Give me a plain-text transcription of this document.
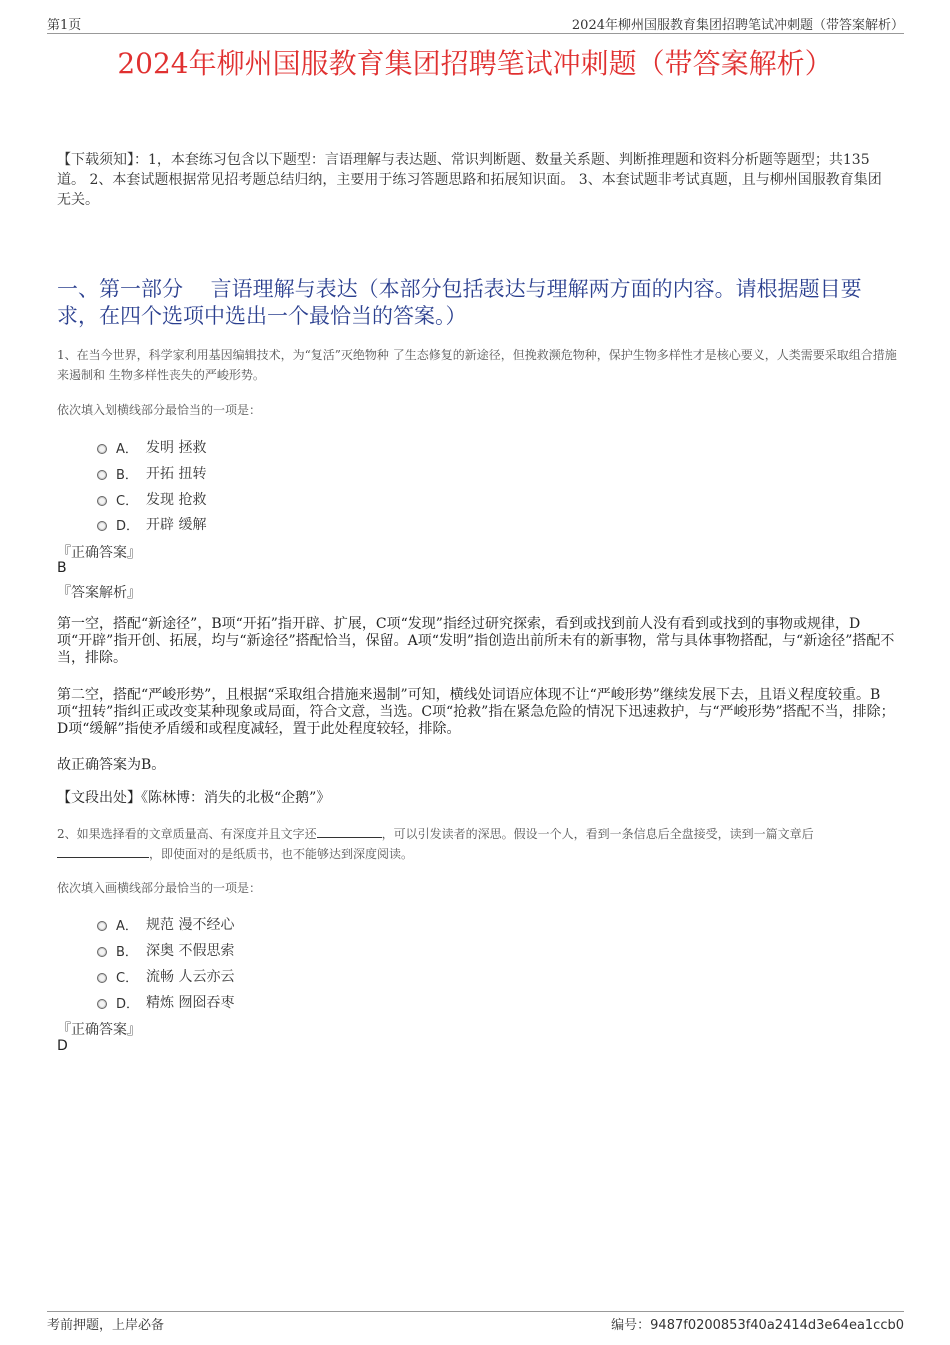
第1页	2024年柳州国服教育集团招聘笔试冲刺题（带答案解析）
2024年柳州国服教育集团招聘笔试冲刺题（带答案解析）
【下载须知】：1，本套练习包含以下题型：言语理解与表达题、常识判断题、数量关系题、判断推理题和资料分析题等题型；共135道。 2、本套试题根据常见招考题总结归纳，主要用于练习答题思路和拓展知识面。 3、本套试题非考试真题，且与柳州国服教育集团无关。
一、第一部分　 言语理解与表达（本部分包括表达与理解两方面的内容。请根据题目要求，在四个选项中选出一个最恰当的答案。）
1、在当今世界，科学家利用基因编辑技术，为“复活”灭绝物种 了生态修复的新途径，但挽救濒危物种，保护生物多样性才是核心要义，人类需要采取组合措施来遏制和 生物多样性丧失的严峻形势。
依次填入划横线部分最恰当的一项是：
A． 发明 拯救
B． 开拓 扭转
C． 发现 抢救
D． 开辟 缓解
『正确答案』
B
『答案解析』
第一空，搭配“新途径”，B项“开拓”指开辟、扩展，C项“发现”指经过研究探索，看到或找到前人没有看到或找到的事物或规律，D项“开辟”指开创、拓展，均与“新途径”搭配恰当，保留。A项“发明”指创造出前所未有的新事物，常与具体事物搭配，与“新途径”搭配不当，排除。
第二空，搭配“严峻形势”，且根据“采取组合措施来遏制”可知，横线处词语应体现不让“严峻形势”继续发展下去，且语义程度较重。B项“扭转”指纠正或改变某种现象或局面，符合文意，当选。C项“抢救”指在紧急危险的情况下迅速救护，与“严峻形势”搭配不当，排除；D项“缓解”指使矛盾缓和或程度减轻，置于此处程度较轻，排除。
故正确答案为B。
【文段出处】《陈林博：消失的北极“企鹅”》
2、如果选择看的文章质量高、有深度并且文字还	，可以引发读者的深思。假设一个人，看到一条信息后全盘接受，读到一篇文章后
，即使面对的是纸质书，也不能够达到深度阅读。
依次填入画横线部分最恰当的一项是：
A． 规范 漫不经心
B． 深奥 不假思索
C． 流畅 人云亦云
D． 精炼 囫囵吞枣
『正确答案』
D
考前押题，上岸必备	编号：9487f0200853f40a2414d3e64ea1ccb0
